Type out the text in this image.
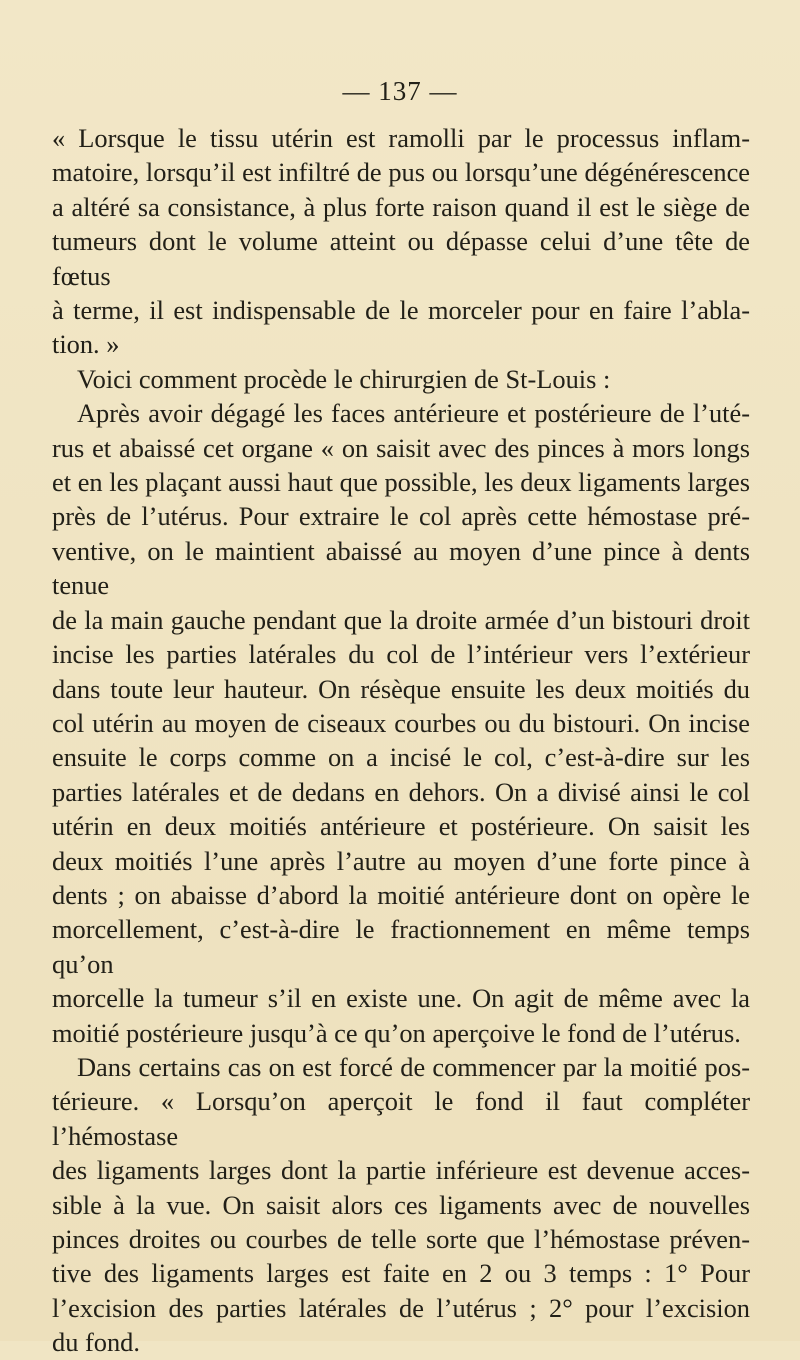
— 137 —

« Lorsque le tissu utérin est ramolli par le processus inflam-

matoire, lorsqu’il est infiltré de pus ou lorsqu’une dégénérescence

a altéré sa consistance, à plus forte raison quand il est le siège de

tumeurs dont le volume atteint ou dépasse celui d’une tête de fœtus

à terme, il est indispensable de le morceler pour en faire l’abla-

tion. »

Voici comment procède le chirurgien de St-Louis :

Après avoir dégagé les faces antérieure et postérieure de l’uté-

rus et abaissé cet organe « on saisit avec des pinces à mors longs

et en les plaçant aussi haut que possible, les deux ligaments larges

près de l’utérus. Pour extraire le col après cette hémostase pré-

ventive, on le maintient abaissé au moyen d’une pince à dents tenue

de la main gauche pendant que la droite armée d’un bistouri droit

incise les parties latérales du col de l’intérieur vers l’extérieur

dans toute leur hauteur. On résèque ensuite les deux moitiés du

col utérin au moyen de ciseaux courbes ou du bistouri. On incise

ensuite le corps comme on a incisé le col, c’est-à-dire sur les

parties latérales et de dedans en dehors. On a divisé ainsi le col

utérin en deux moitiés antérieure et postérieure. On saisit les

deux moitiés l’une après l’autre au moyen d’une forte pince à

dents ; on abaisse d’abord la moitié antérieure dont on opère le

morcellement, c’est-à-dire le fractionnement en même temps qu’on

morcelle la tumeur s’il en existe une. On agit de même avec la

moitié postérieure jusqu’à ce qu’on aperçoive le fond de l’utérus.

Dans certains cas on est forcé de commencer par la moitié pos-

térieure. « Lorsqu’on aperçoit le fond il faut compléter l’hémostase

des ligaments larges dont la partie inférieure est devenue acces-

sible à la vue. On saisit alors ces ligaments avec de nouvelles

pinces droites ou courbes de telle sorte que l’hémostase préven-

tive des ligaments larges est faite en 2 ou 3 temps : 1° Pour

l’excision des parties latérales de l’utérus ; 2° pour l’excision

du fond.
